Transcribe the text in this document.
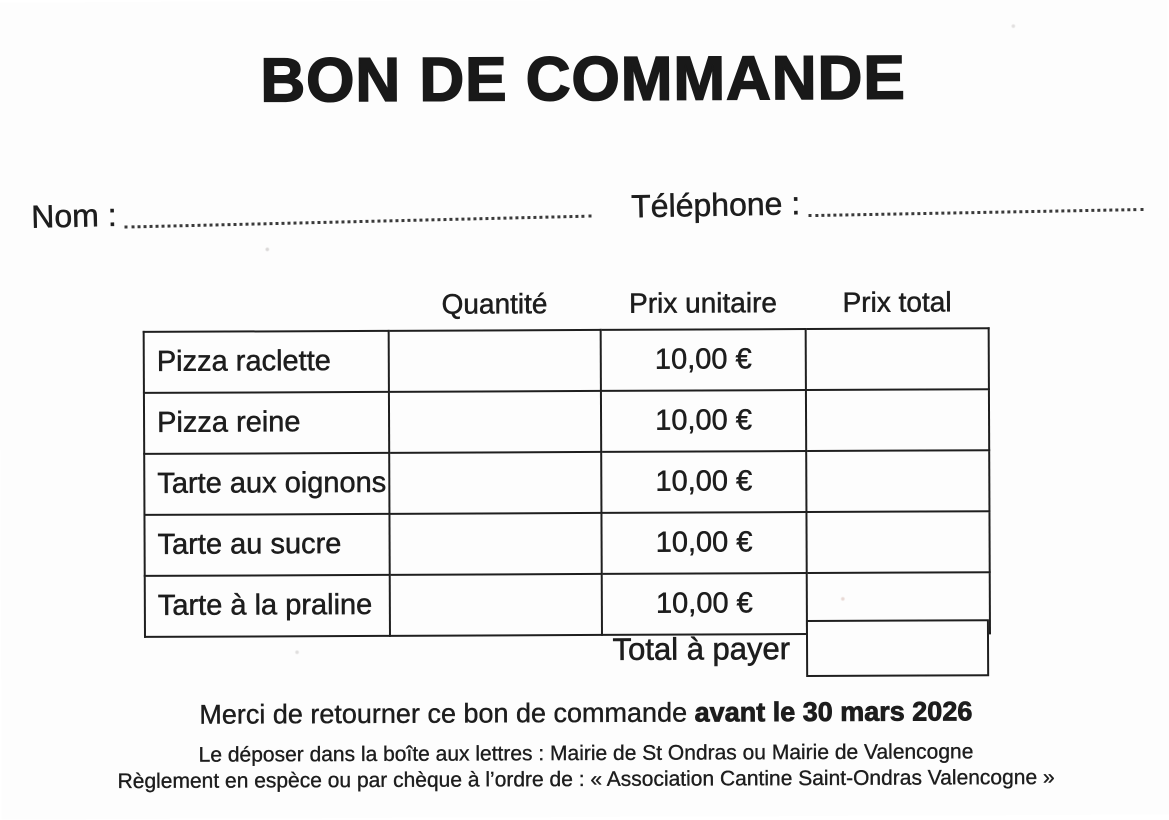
BON DE COMMANDE
Nom :	Téléphone :
	Quantité	Prix unitaire	Prix total
Pizza raclette		10,00 €	
Pizza reine		10,00 €	
Tarte aux oignons		10,00 €	
Tarte au sucre		10,00 €	
Tarte à la praline		10,00 €	
Total à payer

Merci de retourner ce bon de commande avant le 30 mars 2026

Le déposer dans la boîte aux lettres : Mairie de St Ondras ou Mairie de Valencogne

Règlement en espèce ou par chèque à l’ordre de : « Association Cantine Saint-Ondras Valencogne »
